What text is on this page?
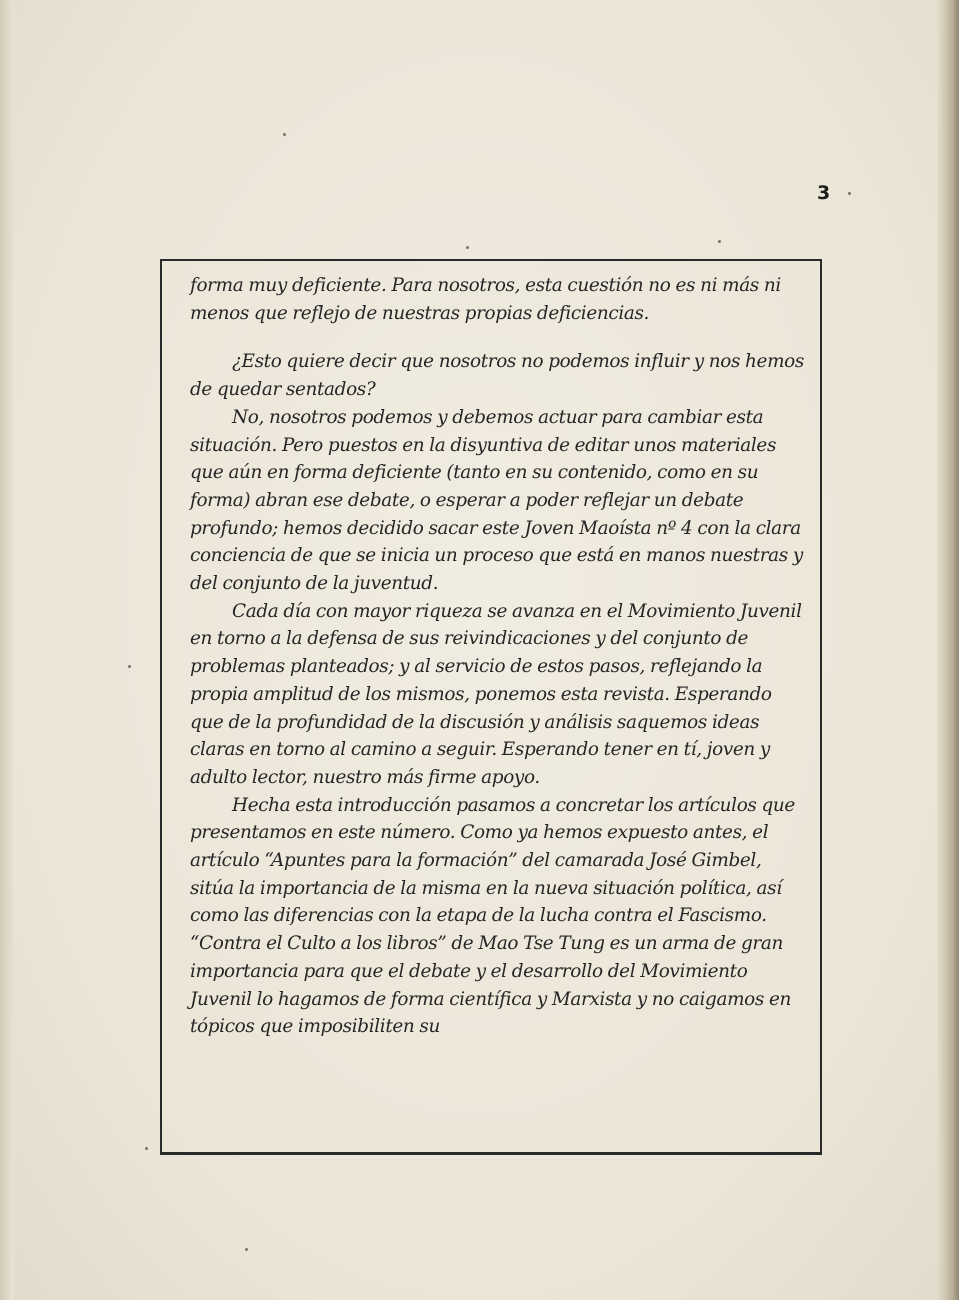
3

forma muy deficiente. Para nosotros, esta cuestión no es ni más ni menos que reflejo de nuestras propias deficiencias.

¿Esto quiere decir que nosotros no podemos influir y nos hemos de quedar sentados?

No, nosotros podemos y debemos actuar para cambiar esta situación. Pero puestos en la disyuntiva de editar unos materiales que aún en forma deficiente (tanto en su contenido, como en su forma) abran ese debate, o esperar a poder reflejar un debate profundo; hemos decidido sacar este Joven Maoísta nº 4 con la clara conciencia de que se inicia un proceso que está en manos nuestras y del conjunto de la juventud.

Cada día con mayor riqueza se avanza en el Movimiento Juvenil en torno a la defensa de sus reivindicaciones y del conjunto de problemas planteados; y al servicio de estos pasos, reflejando la propia amplitud de los mismos, ponemos esta revista. Esperando que de la profundidad de la discusión y análisis saquemos ideas claras en torno al camino a seguir. Esperando tener en tí, joven y adulto lector, nuestro más firme apoyo.

Hecha esta introducción pasamos a concretar los artículos que presentamos en este número. Como ya hemos expuesto antes, el artículo “Apuntes para la formación” del camarada José Gimbel, sitúa la importancia de la misma en la nueva situación política, así como las diferencias con la etapa de la lucha contra el Fascismo. “Contra el Culto a los libros” de Mao Tse Tung es un arma de gran importancia para que el debate y el desarrollo del Movimiento Juvenil lo hagamos de forma científica y Marxista y no caigamos en tópicos que imposibiliten su
